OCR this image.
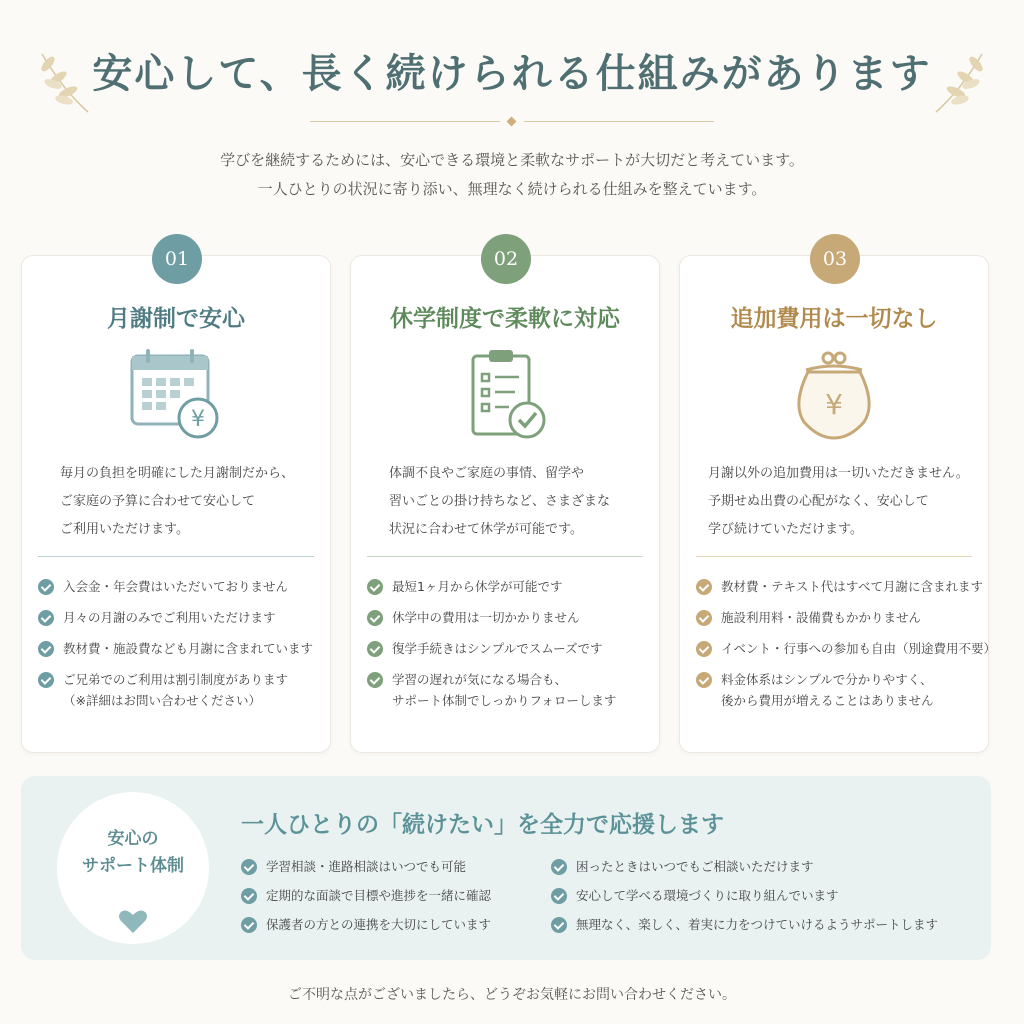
安心して、長く続けられる仕組みがあります
学びを継続するためには、安心できる環境と柔軟なサポートが大切だと考えています。
一人ひとりの状況に寄り添い、無理なく続けられる仕組みを整えています。
01
月謝制で安心
¥
毎月の負担を明確にした月謝制だから、
ご家庭の予算に合わせて安心して
ご利用いただけます。
入会金・年会費はいただいておりません
月々の月謝のみでご利用いただけます
教材費・施設費なども月謝に含まれています
ご兄弟でのご利用は割引制度があります
（※詳細はお問い合わせください）
02
休学制度で柔軟に対応
体調不良やご家庭の事情、留学や
習いごとの掛け持ちなど、さまざまな
状況に合わせて休学が可能です。
最短1ヶ月から休学が可能です
休学中の費用は一切かかりません
復学手続きはシンプルでスムーズです
学習の遅れが気になる場合も、
サポート体制でしっかりフォローします
03
追加費用は一切なし
¥
月謝以外の追加費用は一切いただきません。
予期せぬ出費の心配がなく、安心して
学び続けていただけます。
教材費・テキスト代はすべて月謝に含まれます
施設利用料・設備費もかかりません
イベント・行事への参加も自由（別途費用不要）
料金体系はシンプルで分かりやすく、
後から費用が増えることはありません
安心の
サポート体制
一人ひとりの「続けたい」を全力で応援します
学習相談・進路相談はいつでも可能
定期的な面談で目標や進捗を一緒に確認
保護者の方との連携を大切にしています
困ったときはいつでもご相談いただけます
安心して学べる環境づくりに取り組んでいます
無理なく、楽しく、着実に力をつけていけるようサポートします
ご不明な点がございましたら、どうぞお気軽にお問い合わせください。
